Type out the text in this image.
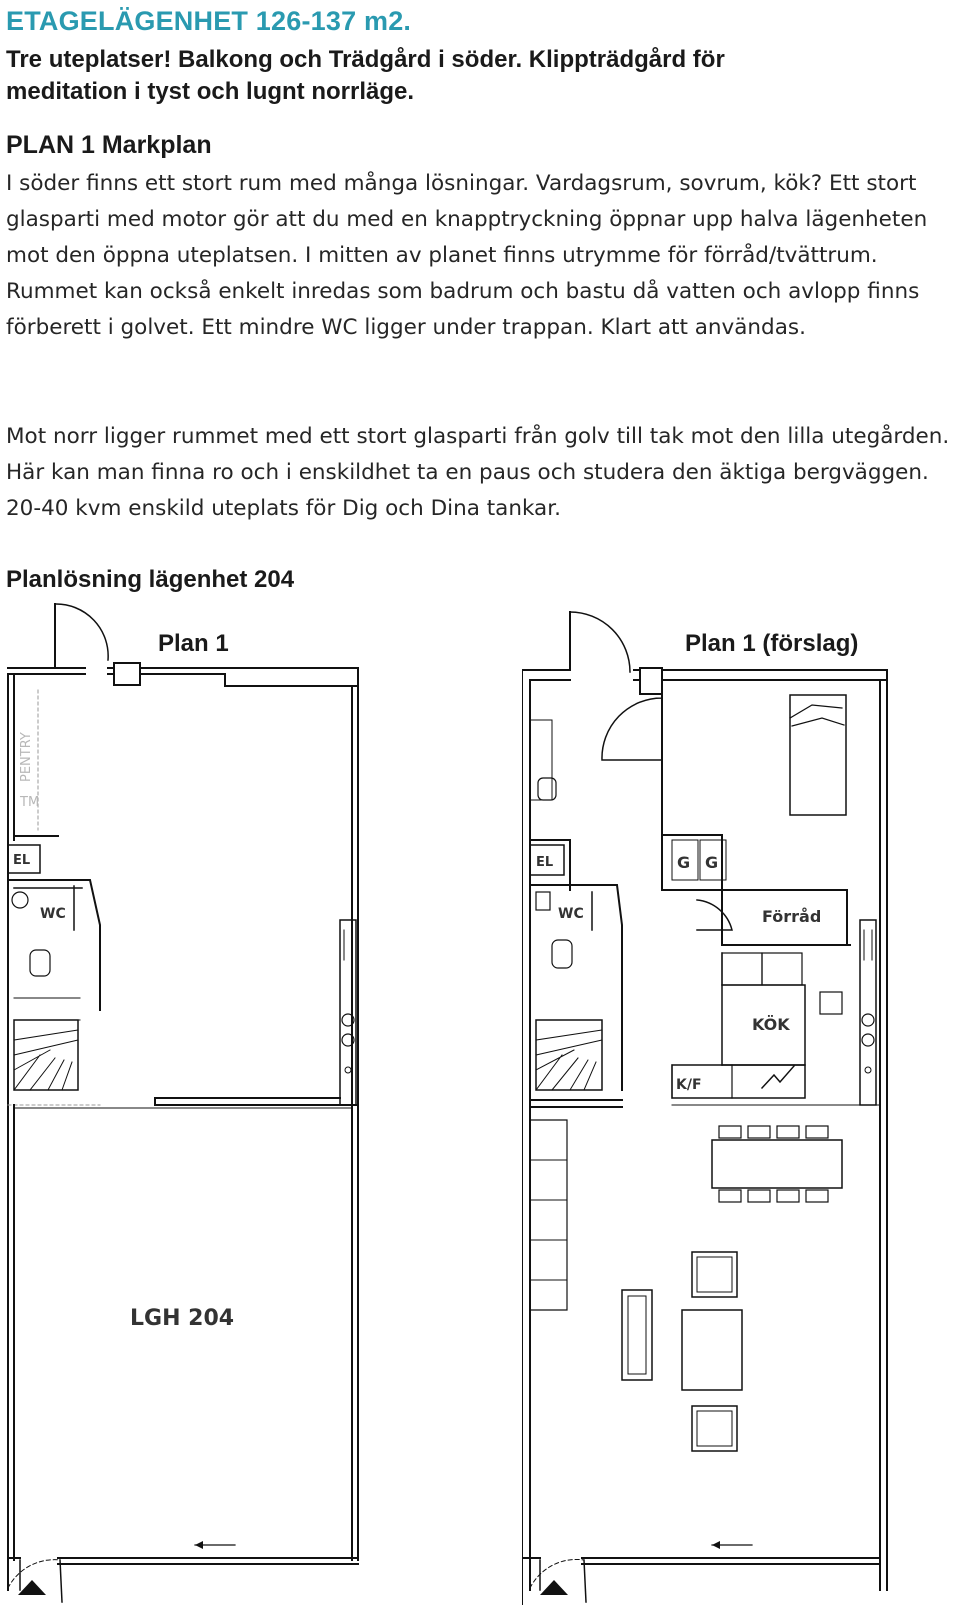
ETAGELÄGENHET 126-137 m2.
Tre uteplatser! Balkong och Trädgård i söder. Klippträdgård för
meditation i tyst och lugnt norrläge.
PLAN 1 Markplan
I söder finns ett stort rum med många lösningar. Vardagsrum, sovrum, kök? Ett stort glasparti med motor gör att du med en knapptryckning öppnar upp halva lägenheten mot den öppna uteplatsen. I mitten av planet finns utrymme för förråd/tvättrum. Rummet kan också enkelt inredas som badrum och bastu då vatten och avlopp finns förberett i golvet. Ett mindre WC ligger under trappan. Klart att användas.
Mot norr ligger rummet med ett stort glasparti från golv till tak mot den lilla utegården. Här kan man finna ro och i enskildhet ta en paus och studera den äktiga bergväggen. 20-40 kvm enskild uteplats för Dig och Dina tankar.
Planlösning lägenhet 204
Plan 1	Plan 1 (förslag)
PENTRY
TM
EL
WC
LGH 204
EL
WC
G G
Förråd
KÖK
K/F
